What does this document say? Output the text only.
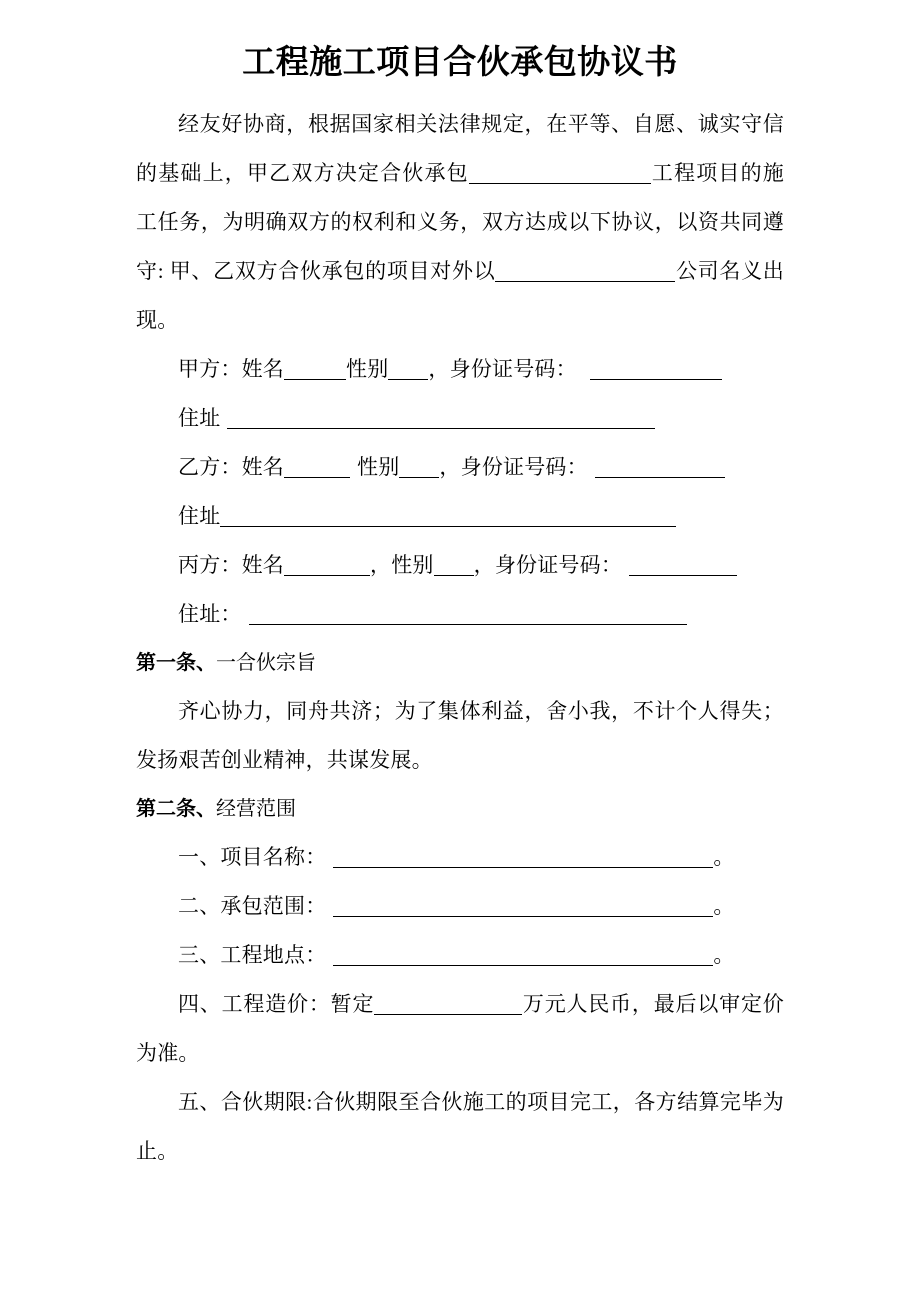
工程施工项目合伙承包协议书

经友好协商，根据国家相关法律规定，在平等、自愿、诚实守信的基础上，甲乙双方决定合伙承包	工程项目的施工任务，为明确双方的权利和义务，双方达成以下协议，以资共同遵守: 甲、乙双方合伙承包的项目对外以	公司名义出现。

甲方：姓名	性别 ，身份证号码：

住址

乙方：姓名	性别 ，身份证号码：

住址

丙方：姓名	，性别 ，身份证号码：

住址：

第一条、一合伙宗旨

齐心协力，同舟共济；为了集体利益，舍小我，不计个人得失；发扬艰苦创业精神，共谋发展。

第二条、经营范围

一、项目名称：	。

二、承包范围：	。

三、工程地点：	。

四、工程造价：暂定	万元人民币，最后以审定价为准。

五、合伙期限:合伙期限至合伙施工的项目完工，各方结算完毕为止。
